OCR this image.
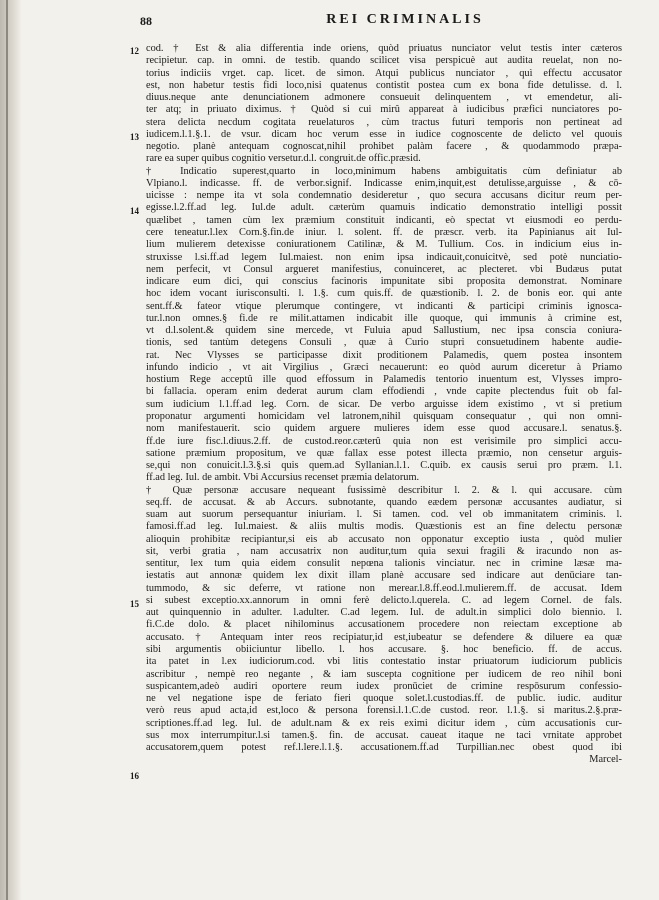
88	REI CRIMINALIS
12
13
14
15
16
cod. † Est & alia differentia inde oriens, quòd priuatus nunciator velut testis inter cæteros
recipietur. cap. in omni. de testib. quando scilicet visa perspicuè aut audita reuelat, non no-
torius indiciis vrget. cap. licet. de simon. Atqui publicus nunciator , quì effectu accusator
est, non habetur testis fidi loco,nisi quatenus contistit postea cum ex bona fide detulisse. d. l.
diuus.neque ante denunciationem admonere consueuit delinquentem , vt emendetur, ali-
ter atq; in priuato diximus. † Quòd si cui mirû appareat à iudicibus præfici nunciatores po-
stera delicta necdum cogitata reuelaturos , cùm tractus futuri temporis non pertineat ad
iudicem.l.1.§.1. de vsur. dicam hoc verum esse in iudice cognoscente de delicto vel quouis
negotio. planè antequam cognoscat,nihil prohibet palàm facere , & quodammodo præpa-
rare ea super quibus cognitio versetur.d.l. congruit.de offic.præsid.
† Indicatio superest,quarto in loco,minimum habens ambiguitatis cùm definiatur ab
Vlpiano.l. indicasse. ff. de verbor.signif. Indicasse enim,inquit,est detulisse,arguisse , & cō-
uicisse : nempe ita vt sola condemnatio desideretur , quo secura accusans dicitur reum per-
egisse.l.2.ff.ad leg. Iul.de adult. cæterùm quamuis indicatio demonstratio intelligi possit
quælibet , tamen cùm lex præmium constituit indicanti, eò spectat vt eiusmodi eo perdu-
cere teneatur.l.lex Corn.§.fin.de iniur. l. solent. ff. de præscr. verb. ita Papinianus ait Iul-
lium mulierem detexisse coniurationem Catilinæ, & M. Tullium. Cos. in indicium eius in-
struxisse l.si.ff.ad legem Iul.maiest. non enim ipsa indicauit,conuicitvè, sed potè nunciatio-
nem perfecit, vt Consul argueret manifestius, conuinceret, ac plecteret. vbi Budæus putat
indicare eum dici, qui conscius facinoris impunitate sibi proposita demonstrat. Nominare
hoc idem vocant iurisconsulti. l. 1.§. cum quis.ff. de quæstionib. l. 2. de bonis eor. qui ante
sent.ff.& fateor vtique plerumque contingere, vt indicanti & participi criminis ignosca-
tur.l.non omnes.§ fi.de re milit.attamen indicabit ille quoque, qui immunis à crimine est,
vt d.l.solent.& quidem sine mercede, vt Fuluia apud Sallustium, nec ipsa conscia coniura-
tionis, sed tantùm detegens Consuli , quæ à Curio stupri consuetudinem habente audie-
rat. Nec Vlysses se participasse dixit proditionem Palamedis, quem postea insontem
infundo indicio , vt ait Virgilius , Græci necauerunt: eo quòd aurum diceretur à Priamo
hostium Rege acceptû ille quod effossum in Palamedis tentorio inuentum est, Vlysses impro-
bi fallacia. operam enim dederat aurum clam effodiendi , vnde capite plectendus fuit ob fal-
sum iudicium l.1.ff.ad leg. Corn. de sicar. De verbo arguisse idem existimo , vt si pretium
proponatur argumenti homicidam vel latronem,nihil quisquam consequatur , qui non omni-
nom manifestauerit. scio quidem arguere mulieres idem esse quod accusare.l. senatus.§.
ff.de iure fisc.l.diuus.2.ff. de custod.reor.cæterû quia non est verisimile pro simplici accu-
satione præmium propositum, ve quæ fallax esse potest illecta præmio, non censetur arguis-
se,qui non conuicit.l.3.§.si quis quem.ad Syllanian.l.1. C.quib. ex causis serui pro præm. l.1.
ff.ad leg. Iul. de ambit. Vbi Accursius recenset præmia delatorum.
† Quæ personæ accusare nequeant fusissimè describitur l. 2. & l. qui accusare. cùm
seq.ff. de accusat. & ab Accurs. subnotante, quando eædem personæ accusantes audiatur, si
suam aut suorum persequantur iniuriam. l. Si tamen. cod. vel ob immanitatem criminis. l.
famosi.ff.ad leg. Iul.maiest. & aliis multis modis. Quæstionis est an fine delectu personæ
alioquin prohibitæ recipiantur,si eis ab accusato non opponatur exceptio iusta , quòd mulier
sit, verbi gratia , nam accusatrix non auditur,tum quia sexui fragili & iracundo non as-
sentitur, lex tum quia eidem consulit nepœna talionis vinciatur. nec in crimine læsæ ma-
iestatis aut annonæ quidem lex dixit illam planè accusare sed indicare aut denūciare tan-
tummodo, & sic deferre, vt ratione non merear.l.8.ff.eod.l.mulierem.ff. de accusat. Idem
si subest exceptio.xx.annorum in omni ferè delicto.l.querela. C. ad legem Cornel. de fals.
aut quinquennio in adulter. l.adulter. C.ad legem. Iul. de adult.in simplici dolo biennio. l.
fi.C.de dolo. & placet nihilominus accusationem procedere non reiectam exceptione ab
accusato. † Antequam inter reos recipiatur,id est,iubeatur se defendere & diluere ea quæ
sibi argumentis obiiciuntur libello. l. hos accusare. §. hoc beneficio. ff. de accus.
ita patet in l.ex iudiciorum.cod. vbi litis contestatio instar priuatorum iudiciorum publicis
ascribitur , nempè reo negante , & iam suscepta cognitione per iudicem de reo nihil boni
suspicantem,adeò audiri oportere reum iudex pronūciet de crimine respōsurum confessio-
ne vel negatione ispe de feriato fieri quoque solet.l.custodias.ff. de public. iudic. auditur
verò reus apud acta,id est,loco & persona forensi.l.1.C.de custod. reor. l.1.§. si maritus.2.§.præ-
scriptiones.ff.ad leg. Iul. de adult.nam & ex reis eximi dicitur idem , cùm accusationis cur-
sus mox interrumpitur.l.si tamen.§. fin. de accusat. caueat itaque ne taci vrnitate approbet
accusatorem,quem potest ref.l.lere.l.1.§. accusationem.ff.ad Turpillian.nec obest quod ibi
Marcel-
